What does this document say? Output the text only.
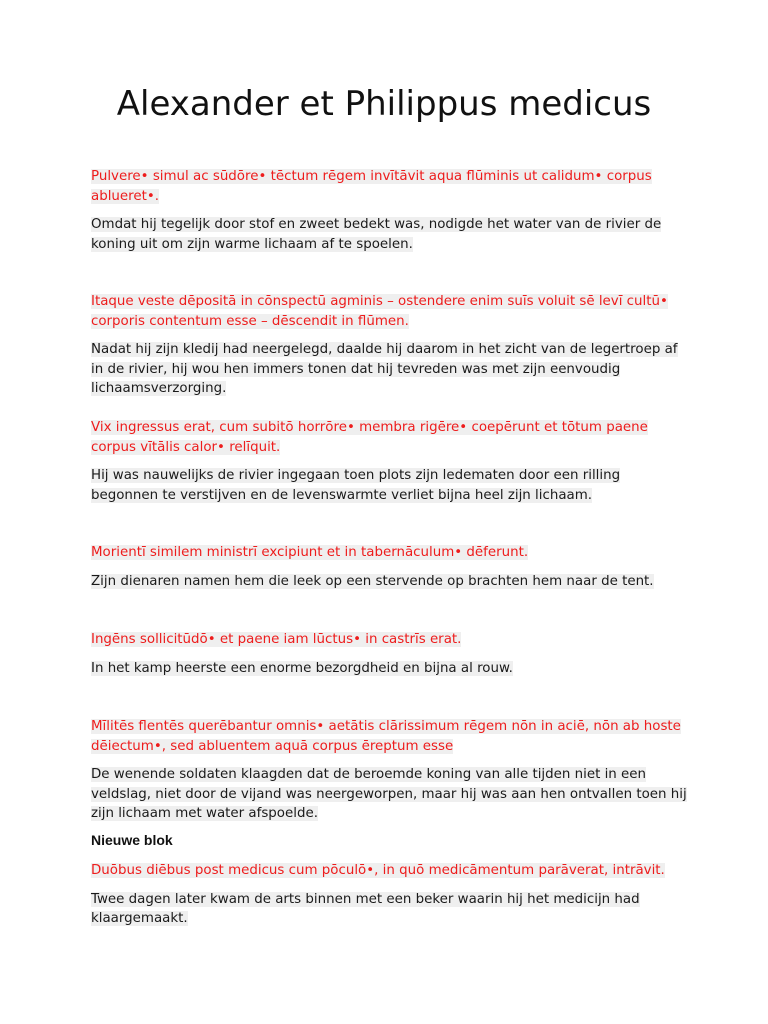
Alexander et Philippus medicus

Pulvere• simul ac sūdōre• tēctum rēgem invītāvit aqua flūminis ut calidum• corpus ablueret•.

Omdat hij tegelijk door stof en zweet bedekt was, nodigde het water van de rivier de koning uit om zijn warme lichaam af te spoelen.

Itaque veste dēpositā in cōnspectū agminis – ostendere enim suīs voluit sē levī cultū• corporis contentum esse – dēscendit in flūmen.

Nadat hij zijn kledij had neergelegd, daalde hij daarom in het zicht van de legertroep af in de rivier, hij wou hen immers tonen dat hij tevreden was met zijn eenvoudig lichaamsverzorging.

Vix ingressus erat, cum subitō horrōre• membra rigēre• coepērunt et tōtum paene corpus vītālis calor• relīquit.

Hij was nauwelijks de rivier ingegaan toen plots zijn ledematen door een rilling begonnen te verstijven en de levenswarmte verliet bijna heel zijn lichaam.

Morientī similem ministrī excipiunt et in tabernāculum• dēferunt.

Zijn dienaren namen hem die leek op een stervende op brachten hem naar de tent.

Ingēns sollicitūdō• et paene iam lūctus• in castrīs erat.

In het kamp heerste een enorme bezorgdheid en bijna al rouw.

Mīlitēs flentēs querēbantur omnis• aetātis clārissimum rēgem nōn in aciē, nōn ab hoste dēiectum•, sed abluentem aquā corpus ēreptum esse

De wenende soldaten klaagden dat de beroemde koning van alle tijden niet in een veldslag, niet door de vijand was neergeworpen, maar hij was aan hen ontvallen toen hij zijn lichaam met water afspoelde.

Nieuwe blok

Duōbus diēbus post medicus cum pōculō•, in quō medicāmentum parāverat, intrāvit.

Twee dagen later kwam de arts binnen met een beker waarin hij het medicijn had klaargemaakt.
